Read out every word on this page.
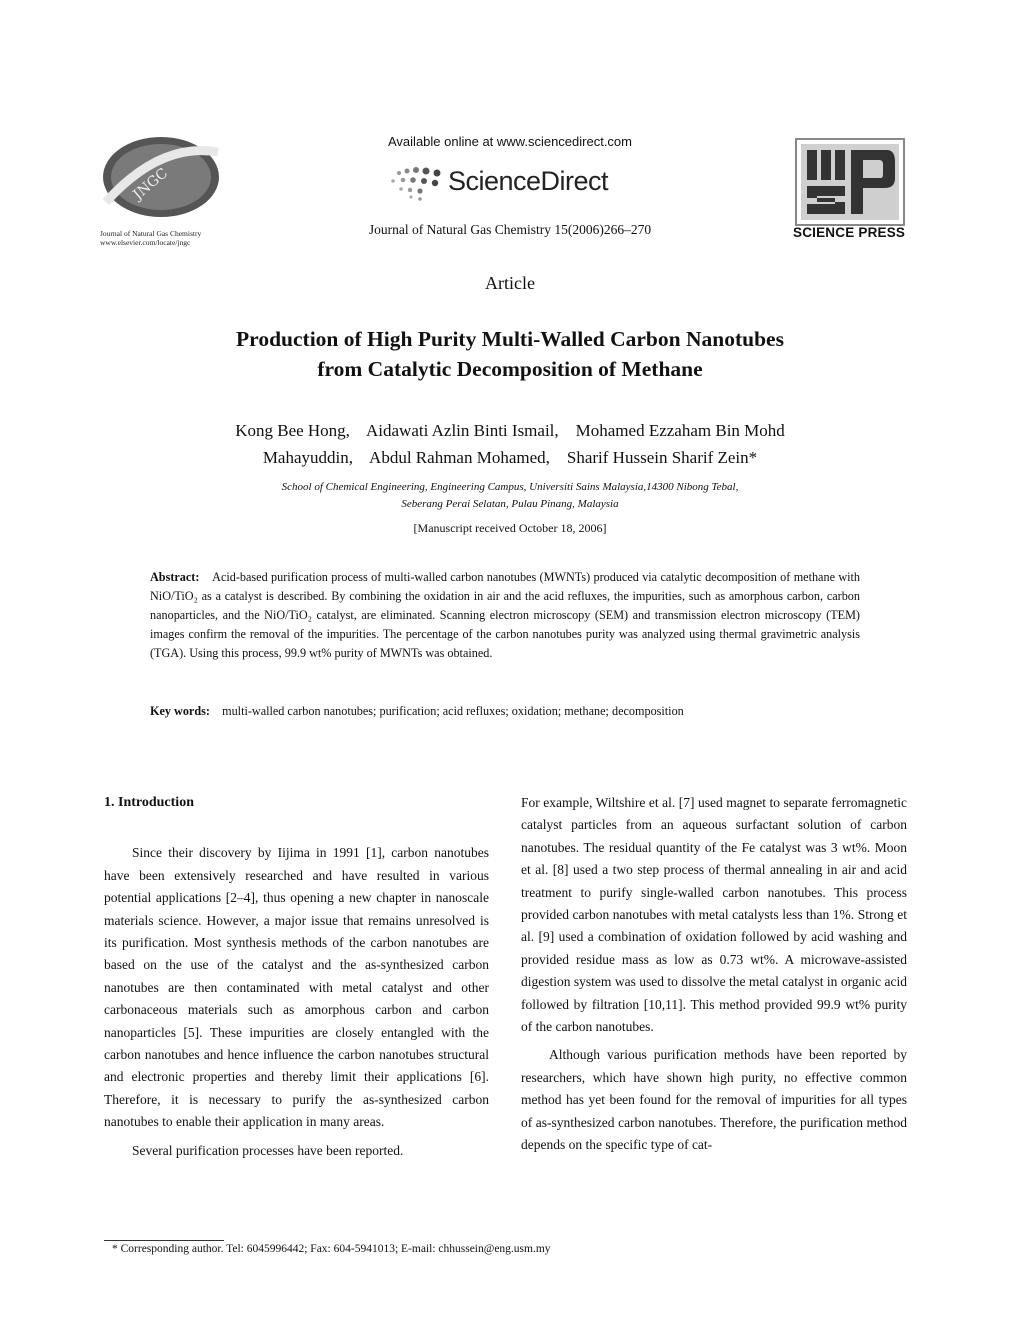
JNGC
Journal of Natural Gas Chemistry
www.elsevier.com/locate/jngc
Available online at www.sciencedirect.com
ScienceDirect
Journal of Natural Gas Chemistry 15(2006)266–270	SCIENCE PRESS
Article
Production of High Purity Multi-Walled Carbon Nanotubes
from Catalytic Decomposition of Methane
Kong Bee Hong,    Aidawati Azlin Binti Ismail,    Mohamed Ezzaham Bin Mohd
Mahayuddin,    Abdul Rahman Mohamed,    Sharif Hussein Sharif Zein*
School of Chemical Engineering, Engineering Campus, Universiti Sains Malaysia,14300 Nibong Tebal,
Seberang Perai Selatan, Pulau Pinang, Malaysia
[Manuscript received October 18, 2006]
Abstract: Acid-based purification process of multi-walled carbon nanotubes (MWNTs) produced via catalytic decomposition of methane with NiO/TiO₂ as a catalyst is described. By combining the oxidation in air and the acid refluxes, the impurities, such as amorphous carbon, carbon nanoparticles, and the NiO/TiO₂ catalyst, are eliminated. Scanning electron microscopy (SEM) and transmission electron microscopy (TEM) images confirm the removal of the impurities. The percentage of the carbon nanotubes purity was analyzed using thermal gravimetric analysis (TGA). Using this process, 99.9 wt% purity of MWNTs was obtained.
Key words: multi-walled carbon nanotubes; purification; acid refluxes; oxidation; methane; decomposition
1. Introduction

Since their discovery by Iijima in 1991 [1], carbon nanotubes have been extensively researched and have resulted in various potential applications [2–4], thus opening a new chapter in nanoscale materials science. However, a major issue that remains unresolved is its purification. Most synthesis methods of the carbon nanotubes are based on the use of the catalyst and the as-synthesized carbon nanotubes are then contaminated with metal catalyst and other carbonaceous materials such as amorphous carbon and carbon nanoparticles [5]. These impurities are closely entangled with the carbon nanotubes and hence influence the carbon nanotubes structural and electronic properties and thereby limit their applications [6]. Therefore, it is necessary to purify the as-synthesized carbon nanotubes to enable their application in many areas.

Several purification processes have been reported.

For example, Wiltshire et al. [7] used magnet to separate ferromagnetic catalyst particles from an aqueous surfactant solution of carbon nanotubes. The residual quantity of the Fe catalyst was 3 wt%. Moon et al. [8] used a two step process of thermal annealing in air and acid treatment to purify single-walled carbon nanotubes. This process provided carbon nanotubes with metal catalysts less than 1%. Strong et al. [9] used a combination of oxidation followed by acid washing and provided residue mass as low as 0.73 wt%. A microwave-assisted digestion system was used to dissolve the metal catalyst in organic acid followed by filtration [10,11]. This method provided 99.9 wt% purity of the carbon nanotubes.

Although various purification methods have been reported by researchers, which have shown high purity, no effective common method has yet been found for the removal of impurities for all types of as-synthesized carbon nanotubes. Therefore, the purification method depends on the specific type of cat-

* Corresponding author. Tel: 6045996442; Fax: 604-5941013; E-mail: chhussein@eng.usm.my
